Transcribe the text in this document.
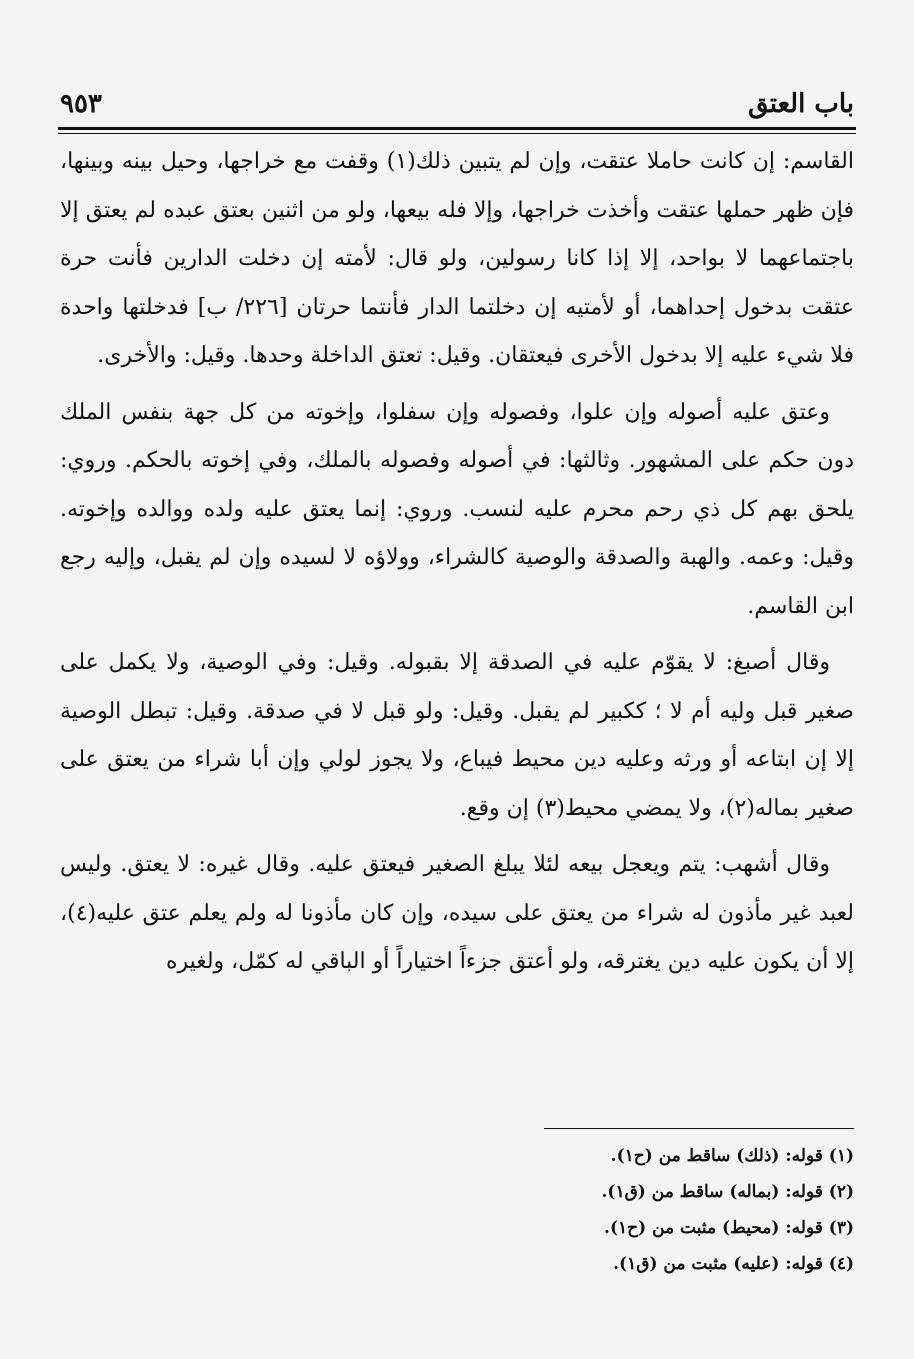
باب العتق
٩٥٣

القاسم: إن كانت حاملا عتقت، وإن لم يتبين ذلك(١) وقفت مع خراجها، وحيل بينه وبينها، فإن ظهر حملها عتقت وأخذت خراجها، وإلا فله بيعها، ولو من اثنين بعتق عبده لم يعتق إلا باجتماعهما لا بواحد، إلا إذا كانا رسولين، ولو قال: لأمته إن دخلت الدارين فأنت حرة عتقت بدخول إحداهما، أو لأمتيه إن دخلتما الدار فأنتما حرتان [٢٢٦/ ب] فدخلتها واحدة فلا شيء عليه إلا بدخول الأخرى فيعتقان. وقيل: تعتق الداخلة وحدها. وقيل: والأخرى.

وعتق عليه أصوله وإن علوا، وفصوله وإن سفلوا، وإخوته من كل جهة بنفس الملك دون حكم على المشهور. وثالثها: في أصوله وفصوله بالملك، وفي إخوته بالحكم. وروي: يلحق بهم كل ذي رحم محرم عليه لنسب. وروي: إنما يعتق عليه ولده ووالده وإخوته. وقيل: وعمه. والهبة والصدقة والوصية كالشراء، وولاؤه لا لسيده وإن لم يقبل، وإليه رجع ابن القاسم.

وقال أصبغ: لا يقوّم عليه في الصدقة إلا بقبوله. وقيل: وفي الوصية، ولا يكمل على صغير قبل وليه أم لا ؛ ككبير لم يقبل. وقيل: ولو قبل لا في صدقة. وقيل: تبطل الوصية إلا إن ابتاعه أو ورثه وعليه دين محيط فيباع، ولا يجوز لولي وإن أبا شراء من يعتق على صغير بماله(٢)، ولا يمضي محيط(٣) إن وقع.

وقال أشهب: يتم ويعجل بيعه لئلا يبلغ الصغير فيعتق عليه. وقال غيره: لا يعتق. وليس لعبد غير مأذون له شراء من يعتق على سيده، وإن كان مأذونا له ولم يعلم عتق عليه(٤)، إلا أن يكون عليه دين يغترقه، ولو أعتق جزءاً اختياراً أو الباقي له كمّل، ولغيره

(١) قوله: (ذلك) ساقط من (ح١).

(٢) قوله: (بماله) ساقط من (ق١).

(٣) قوله: (محيط) مثبت من (ح١).

(٤) قوله: (عليه) مثبت من (ق١).
